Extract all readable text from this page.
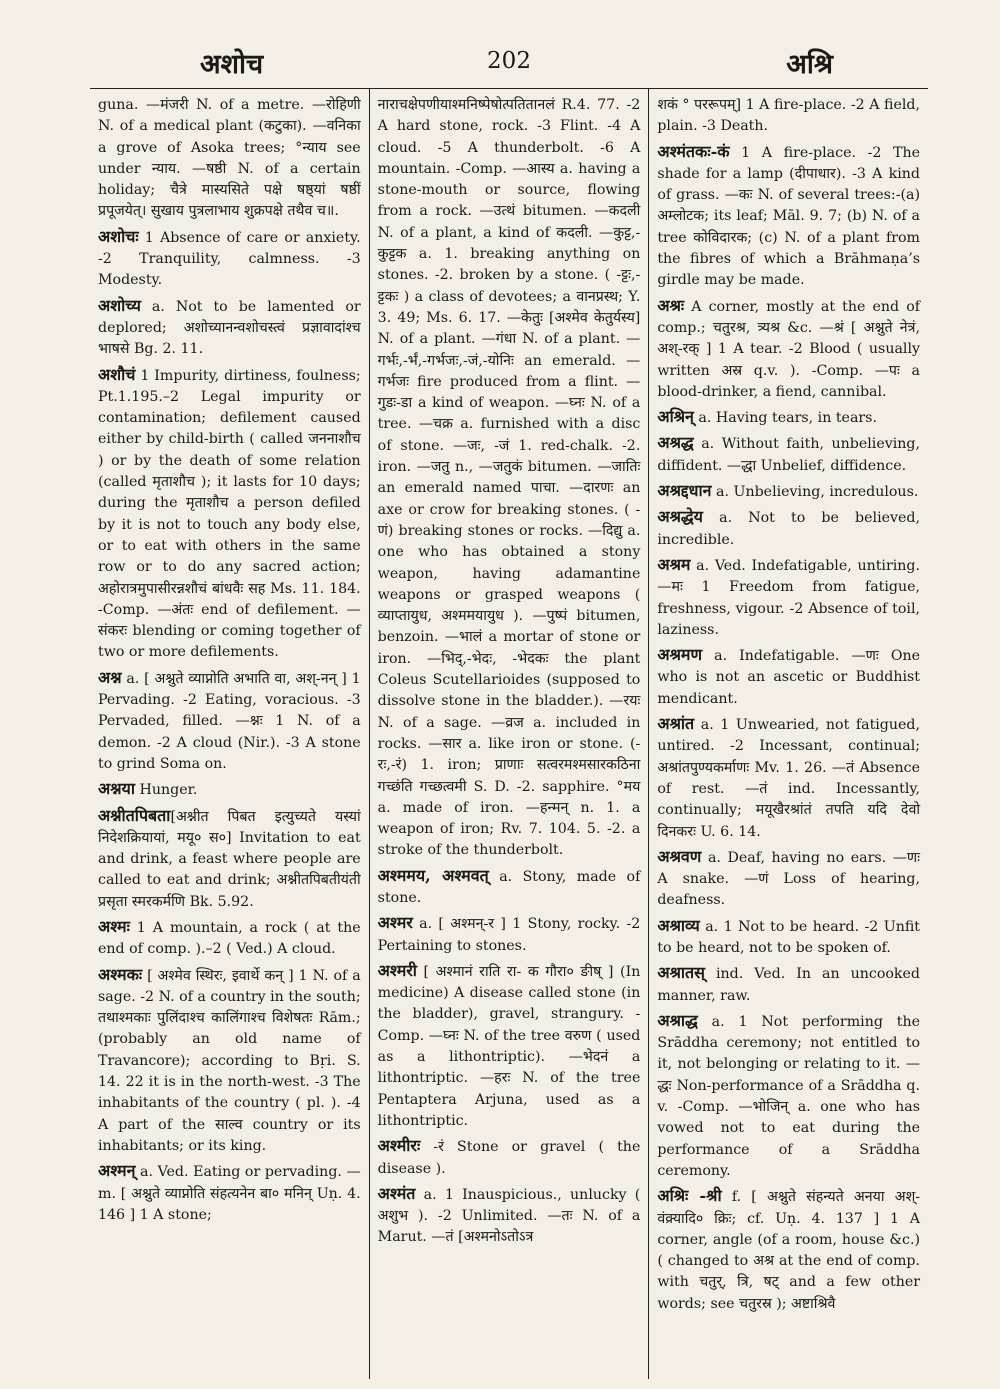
अशोच	202	अश्रि

guna. —मंजरी N. of a metre. —रोहिणी N. of a medical plant (कटुका). —वनिका a grove of Asoka trees; °न्याय see under न्याय. —षष्ठी N. of a certain holiday; चैत्रे मास्यसिते पक्षे षष्ठ्यां षष्ठीं प्रपूजयेत्। सुखाय पुत्रलाभाय शुक्रपक्षे तथैव च॥.

अशोचः 1 Absence of care or anxiety. -2 Tranquility, calmness. -3 Modesty.

अशोच्य a. Not to be lamented or deplored; अशोच्यानन्वशोचस्त्वं प्रज्ञावादांश्च भाषसे Bg. 2. 11.

अशौचं 1 Impurity, dirtiness, foulness; Pt.1.195.–2 Legal impurity or contamination; defilement caused either by child-birth ( called जननाशौच ) or by the death of some relation (called मृताशौच ); it lasts for 10 days; during the मृताशौच a person defiled by it is not to touch any body else, or to eat with others in the same row or to do any sacred action; अहोरात्रमुपासीरन्नशौचं बांधवैः सह Ms. 11. 184. -Comp. —अंतः end of defilement. —संकरः blending or coming together of two or more defilements.

अश्न a. [ अश्नुते व्याप्नोति अभाति वा, अश्-नन् ] 1 Pervading. -2 Eating, voracious. -3 Pervaded, filled. —श्नः 1 N. of a demon. -2 A cloud (Nir.). -3 A stone to grind Soma on.

अश्नया Hunger.

अश्नीतपिबता[अश्नीत पिबत इत्युच्यते यस्यां निदेशक्रियायां, मयू० स०] Invitation to eat and drink, a feast where people are called to eat and drink; अश्नीतपिबतीयंती प्रसृता स्मरकर्मणि Bk. 5.92.

अश्मः 1 A mountain, a rock ( at the end of comp. ).–2 ( Ved.) A cloud.

अश्मकः [ अश्मेव स्थिरः, इवार्थे कन् ] 1 N. of a sage. -2 N. of a country in the south; तथाश्मकाः पुलिंदाश्च कालिंगाश्च विशेषतः Rām.; (probably an old name of Travancore); according to Bṛi. S. 14. 22 it is in the north-west. -3 The inhabitants of the country ( pl. ). -4 A part of the साल्व country or its inhabitants; or its king.

अश्मन् a. Ved. Eating or pervading. —m. [ अश्नुते व्याप्नोति संहत्यनेन बा० मनिन् Uṇ. 4. 146 ] 1 A stone;

नाराचक्षेपणीयाश्मनिष्पेषोत्पतितानलं R.4. 77. -2 A hard stone, rock. -3 Flint. -4 A cloud. -5 A thunderbolt. -6 A mountain. -Comp. —आस्य a. having a stone-mouth or source, flowing from a rock. —उत्थं bitumen. —कदली N. of a plant, a kind of कदली. —कुट्ट,-कुट्टक a. 1. breaking anything on stones. -2. broken by a stone. ( -ट्टः,-ट्टकः ) a class of devotees; a वानप्रस्थ; Y. 3. 49; Ms. 6. 17. —केतुः [अश्मेव केतुर्यस्य] N. of a plant. —गंधा N. of a plant. —गर्भः,-र्भं,-गर्भजः,-जं,-योनिः an emerald. —गर्भजः fire produced from a flint. —गुडः-डा a kind of weapon. —घ्नः N. of a tree. —चक्र a. furnished with a disc of stone. —जः, -जं 1. red-chalk. -2. iron. —जतु n., —जतुकं bitumen. —जातिः an emerald named पाचा. —दारणः an axe or crow for breaking stones. ( -णं) breaking stones or rocks. —दिद्यु a. one who has obtained a stony weapon, having adamantine weapons or grasped weapons ( व्याप्तायुध, अश्ममयायुध ). —पुष्पं bitumen, benzoin. —भालं a mortar of stone or iron. —भिद्,-भेदः, -भेदकः the plant Coleus Scutellarioides (supposed to dissolve stone in the bladder.). —रयः N. of a sage. —व्रज a. included in rocks. —सार a. like iron or stone. (-रः,-रं) 1. iron; प्राणाः सत्वरमश्मसारकठिना गच्छंति गच्छत्वमी S. D. -2. sapphire. °मय a. made of iron. —हन्मन् n. 1. a weapon of iron; Rv. 7. 104. 5. -2. a stroke of the thunderbolt.

अश्ममय, अश्मवत् a. Stony, made of stone.

अश्मर a. [ अश्मन्-र ] 1 Stony, rocky. -2 Pertaining to stones.

अश्मरी [ अश्मानं राति रा- क गौरा० ङीष् ] (In medicine) A disease called stone (in the bladder), gravel, strangury. -Comp. —घ्नः N. of the tree वरुण ( used as a lithontriptic). —भेदनं a lithontriptic. —हरः N. of the tree Pentaptera Arjuna, used as a lithontriptic.

अश्मीरः -रं Stone or gravel ( the disease ).

अश्मंत a. 1 Inauspicious., unlucky ( अशुभ ). -2 Unlimited. —तः N. of a Marut. —तं [अश्मनोऽतोऽत्र

शकं ° पररूपम्] 1 A fire-place. -2 A field, plain. -3 Death.

अश्मंतकः-कं 1 A fire-place. -2 The shade for a lamp (दीपाधार). -3 A kind of grass. —कः N. of several trees:-(a) अम्लोटक; its leaf; Māl. 9. 7; (b) N. of a tree कोविदारक; (c) N. of a plant from the fibres of which a Brāhmaṇa’s girdle may be made.

अश्रः A corner, mostly at the end of comp.; चतुरश्र, त्र्यश्र &c. —श्रं [ अश्नुते नेत्रं, अश्-रक् ] 1 A tear. -2 Blood ( usually written अस्र q.v. ). -Comp. —पः a blood-drinker, a fiend, cannibal.

अश्रिन् a. Having tears, in tears.

अश्रद्ध a. Without faith, unbelieving, diffident. —द्धा Unbelief, diffidence.

अश्रद्दधान a. Unbelieving, incredulous.

अश्रद्धेय a. Not to be believed, incredible.

अश्रम a. Ved. Indefatigable, untiring. —मः 1 Freedom from fatigue, freshness, vigour. -2 Absence of toil, laziness.

अश्रमण a. Indefatigable. —णः One who is not an ascetic or Buddhist mendicant.

अश्रांत a. 1 Unwearied, not fatigued, untired. -2 Incessant, continual; अश्रांतपुण्यकर्माणः Mv. 1. 26. —तं Absence of rest. —तं ind. Incessantly, continually; मयूखैरश्रांतं तपति यदि देवो दिनकरः U. 6. 14.

अश्रवण a. Deaf, having no ears. —णः A snake. —णं Loss of hearing, deafness.

अश्राव्य a. 1 Not to be heard. -2 Unfit to be heard, not to be spoken of.

अश्रातस् ind. Ved. In an uncooked manner, raw.

अश्राद्ध a. 1 Not performing the Srāddha ceremony; not entitled to it, not belonging or relating to it. —द्धः Non-performance of a Srāddha q. v. -Comp. —भोजिन् a. one who has vowed not to eat during the performance of a Srāddha ceremony.

अश्रिः -श्री f. [ अश्नुते संहन्यते अनया अश्- वंक्र्यादि० क्रिः; cf. Uṇ. 4. 137 ] 1 A corner, angle (of a room, house &c.) ( changed to अश्र at the end of comp. with चतुर्, त्रि, षट् and a few other words; see चतुरस्र ); अष्टाश्रिवै
